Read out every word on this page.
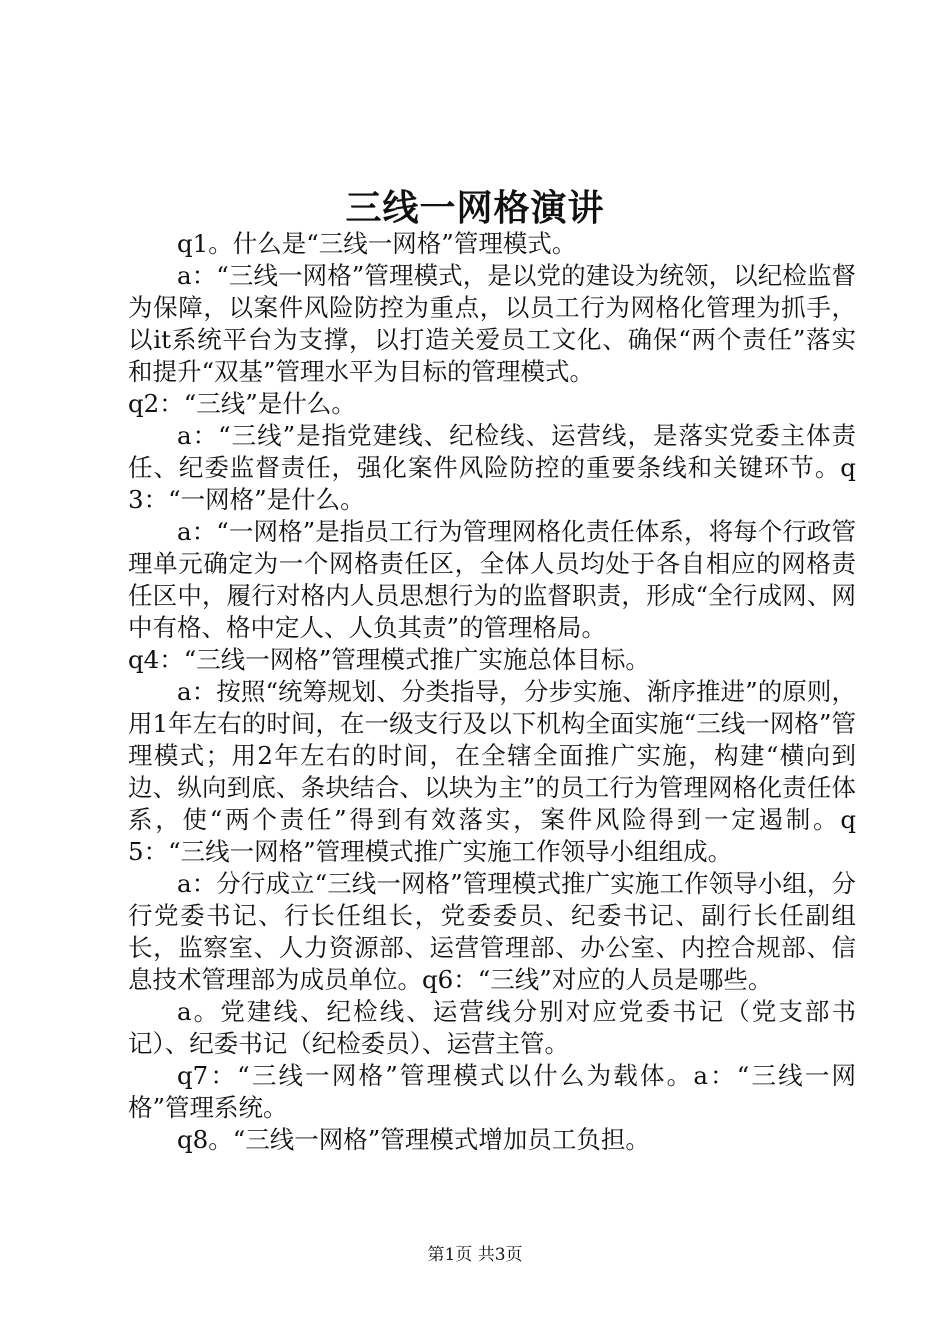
三线一网格演讲

q1。什么是“三线一网格”管理模式。

a：“三线一网格”管理模式，是以党的建设为统领，以纪检监督为保障，以案件风险防控为重点，以员工行为网格化管理为抓手，以it系统平台为支撑，以打造关爱员工文化、确保“两个责任”落实和提升“双基”管理水平为目标的管理模式。

q2：“三线”是什么。

a：“三线”是指党建线、纪检线、运营线，是落实党委主体责任、纪委监督责任，强化案件风险防控的重要条线和关键环节。q3：“一网格”是什么。

a：“一网格”是指员工行为管理网格化责任体系，将每个行政管理单元确定为一个网格责任区，全体人员均处于各自相应的网格责任区中，履行对格内人员思想行为的监督职责，形成“全行成网、网中有格、格中定人、人负其责”的管理格局。

q4：“三线一网格”管理模式推广实施总体目标。

a：按照“统筹规划、分类指导，分步实施、渐序推进”的原则，用1年左右的时间，在一级支行及以下机构全面实施“三线一网格”管理模式；用2年左右的时间，在全辖全面推广实施，构建“横向到边、纵向到底、条块结合、以块为主”的员工行为管理网格化责任体系，使“两个责任”得到有效落实，案件风险得到一定遏制。q5：“三线一网格”管理模式推广实施工作领导小组组成。

a：分行成立“三线一网格”管理模式推广实施工作领导小组，分行党委书记、行长任组长，党委委员、纪委书记、副行长任副组长，监察室、人力资源部、运营管理部、办公室、内控合规部、信息技术管理部为成员单位。q6：“三线”对应的人员是哪些。

a。党建线、纪检线、运营线分别对应党委书记（党支部书记）、纪委书记（纪检委员）、运营主管。

q7：“三线一网格”管理模式以什么为载体。a：“三线一网格”管理系统。

q8。“三线一网格”管理模式增加员工负担。

第1页 共3页
